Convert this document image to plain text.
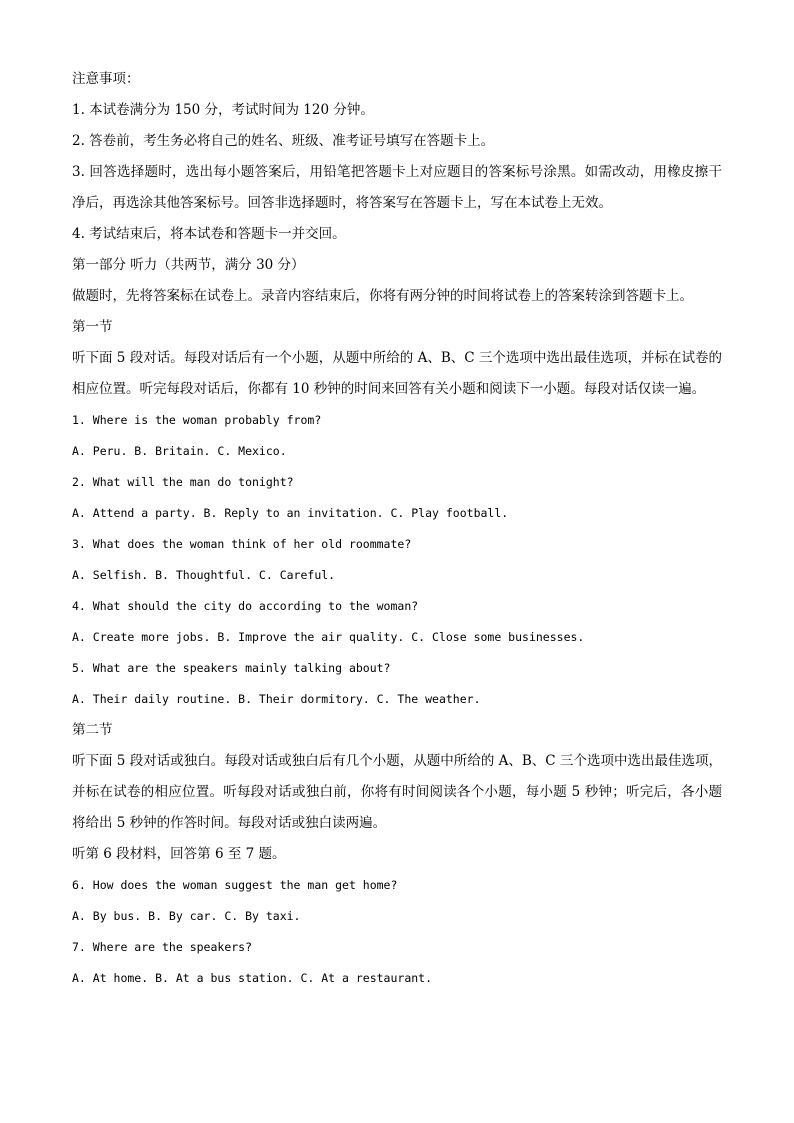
注意事项：

1. 本试卷满分为 150 分，考试时间为 120 分钟。

2. 答卷前，考生务必将自己的姓名、班级、准考证号填写在答题卡上。

3. 回答选择题时，选出每小题答案后，用铅笔把答题卡上对应题目的答案标号涂黑。如需改动，用橡皮擦干净后，再选涂其他答案标号。回答非选择题时，将答案写在答题卡上，写在本试卷上无效。

4. 考试结束后，将本试卷和答题卡一并交回。

第一部分 听力（共两节，满分 30 分）

做题时，先将答案标在试卷上。录音内容结束后，你将有两分钟的时间将试卷上的答案转涂到答题卡上。

第一节

听下面 5 段对话。每段对话后有一个小题，从题中所给的 A、B、C 三个选项中选出最佳选项，并标在试卷的相应位置。听完每段对话后，你都有 10 秒钟的时间来回答有关小题和阅读下一小题。每段对话仅读一遍。

1. Where is the woman probably from?

A. Peru. B. Britain. C. Mexico.

2. What will the man do tonight?

A. Attend a party. B. Reply to an invitation. C. Play football.

3. What does the woman think of her old roommate?

A. Selfish. B. Thoughtful. C. Careful.

4. What should the city do according to the woman?

A. Create more jobs. B. Improve the air quality. C. Close some businesses.

5. What are the speakers mainly talking about?

A. Their daily routine. B. Their dormitory. C. The weather.

第二节

听下面 5 段对话或独白。每段对话或独白后有几个小题，从题中所给的 A、B、C 三个选项中选出最佳选项，并标在试卷的相应位置。听每段对话或独白前，你将有时间阅读各个小题，每小题 5 秒钟；听完后，各小题将给出 5 秒钟的作答时间。每段对话或独白读两遍。

听第 6 段材料，回答第 6 至 7 题。

6. How does the woman suggest the man get home?

A. By bus. B. By car. C. By taxi.

7. Where are the speakers?

A. At home. B. At a bus station. C. At a restaurant.
